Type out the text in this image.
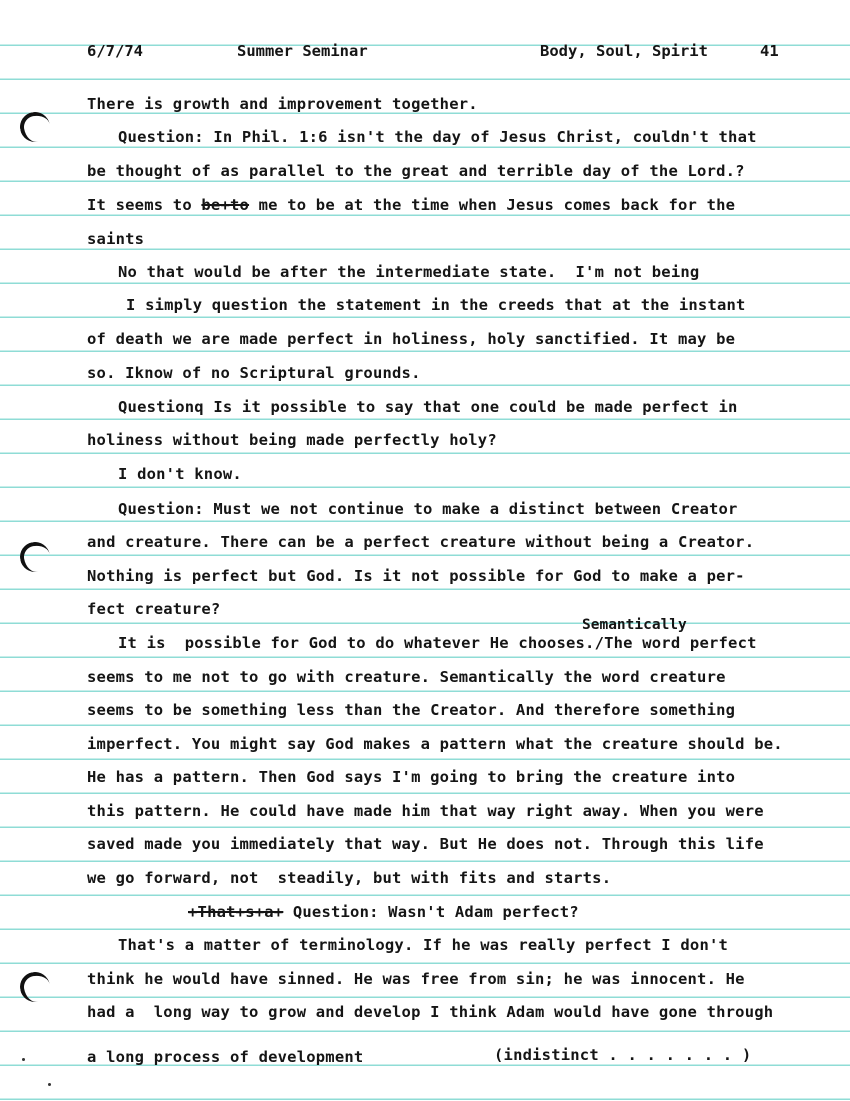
6/7/74	Summer Seminar	Body, Soul, Spirit	41
There is growth and improvement together.
Question: In Phil. 1:6 isn't the day of Jesus Christ, couldn't that
be thought of as parallel to the great and terrible day of the Lord.?
It seems to be+to me to be at the time when Jesus comes back for the
saints
No that would be after the intermediate state.  I'm not being
I simply question the statement in the creeds that at the instant
of death we are made perfect in holiness, holy sanctified. It may be
so. Iknow of no Scriptural grounds.
Questionq Is it possible to say that one could be made perfect in
holiness without being made perfectly holy?
I don't know.
Question: Must we not continue to make a distinct between Creator
and creature. There can be a perfect creature without being a Creator.
Nothing is perfect but God. Is it not possible for God to make a per-
fect creature?
Semantically
It is  possible for God to do whatever He chooses./The word perfect
seems to me not to go with creature. Semantically the word creature
seems to be something less than the Creator. And therefore something
imperfect. You might say God makes a pattern what the creature should be.
He has a pattern. Then God says I'm going to bring the creature into
this pattern. He could have made him that way right away. When you were
saved made you immediately that way. But He does not. Through this life
we go forward, not  steadily, but with fits and starts.
+That+s+a+ Question: Wasn't Adam perfect?
That's a matter of terminology. If he was really perfect I don't
think he would have sinned. He was free from sin; he was innocent. He
had a  long way to grow and develop I think Adam would have gone through
a long process of development	(indistinct . . . . . . . )
